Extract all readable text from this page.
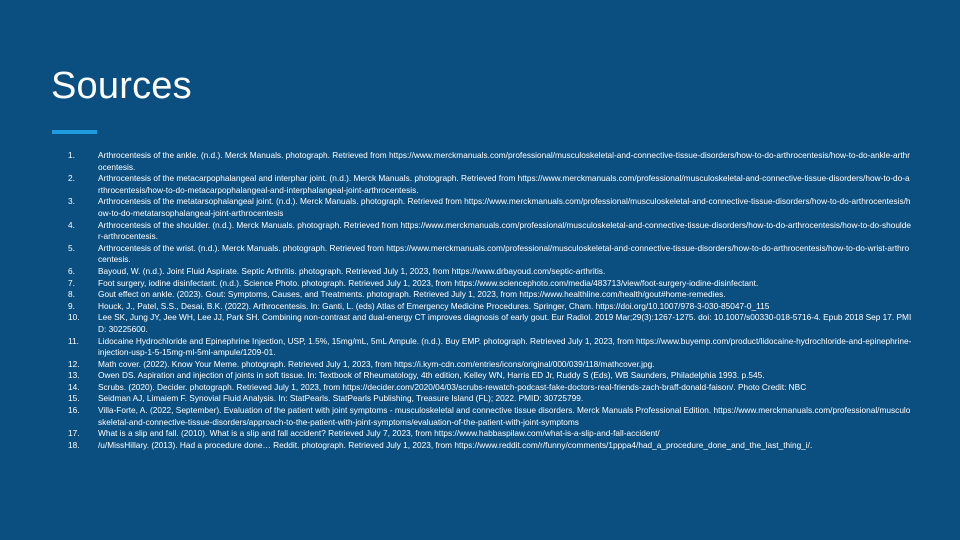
Sources
1.	Arthrocentesis of the ankle. (n.d.). Merck Manuals. photograph. Retrieved from https://www.merckmanuals.com/professional/musculoskeletal-and-connective-tissue-disorders/how-to-do-arthrocentesis/how-to-do-ankle-arthrocentesis.
2.	Arthrocentesis of the metacarpophalangeal and interphar joint. (n.d.). Merck Manuals. photograph. Retrieved from https://www.merckmanuals.com/professional/musculoskeletal-and-connective-tissue-disorders/how-to-do-arthrocentesis/how-to-do-metacarpophalangeal-and-interphalangeal-joint-arthrocentesis.
3.	Arthrocentesis of the metatarsophalangeal joint. (n.d.). Merck Manuals. photograph. Retrieved from https://www.merckmanuals.com/professional/musculoskeletal-and-connective-tissue-disorders/how-to-do-arthrocentesis/how-to-do-metatarsophalangeal-joint-arthrocentesis
4.	Arthrocentesis of the shoulder. (n.d.). Merck Manuals. photograph. Retrieved from https://www.merckmanuals.com/professional/musculoskeletal-and-connective-tissue-disorders/how-to-do-arthrocentesis/how-to-do-shoulder-arthrocentesis.
5.	Arthrocentesis of the wrist. (n.d.). Merck Manuals. photograph. Retrieved from https://www.merckmanuals.com/professional/musculoskeletal-and-connective-tissue-disorders/how-to-do-arthrocentesis/how-to-do-wrist-arthrocentesis.
6.	Bayoud, W. (n.d.). Joint Fluid Aspirate. Septic Arthritis. photograph. Retrieved July 1, 2023, from https://www.drbayoud.com/septic-arthritis.
7.	Foot surgery, iodine disinfectant. (n.d.). Science Photo. photograph. Retrieved July 1, 2023, from https://www.sciencephoto.com/media/483713/view/foot-surgery-iodine-disinfectant.
8.	Gout effect on ankle. (2023). Gout: Symptoms, Causes, and Treatments. photograph. Retrieved July 1, 2023, from https://www.healthline.com/health/gout#home-remedies.
9.	Houck, J., Patel, S.S., Desai, B.K. (2022). Arthrocentesis. In: Ganti, L. (eds) Atlas of Emergency Medicine Procedures. Springer, Cham. https://doi.org/10.1007/978-3-030-85047-0_115
10.	Lee SK, Jung JY, Jee WH, Lee JJ, Park SH. Combining non-contrast and dual-energy CT improves diagnosis of early gout. Eur Radiol. 2019 Mar;29(3):1267-1275. doi: 10.1007/s00330-018-5716-4. Epub 2018 Sep 17. PMID: 30225600.
11.	Lidocaine Hydrochloride and Epinephrine Injection, USP, 1.5%, 15mg/mL, 5mL Ampule. (n.d.). Buy EMP. photograph. Retrieved July 1, 2023, from https://www.buyemp.com/product/lidocaine-hydrochloride-and-epinephrine-injection-usp-1-5-15mg-ml-5ml-ampule/1209-01.
12.	Math cover. (2022). Know Your Meme. photograph. Retrieved July 1, 2023, from https://i.kym-cdn.com/entries/icons/original/000/039/118/mathcover.jpg.
13.	Owen DS. Aspiration and injection of joints in soft tissue. In: Textbook of Rheumatology, 4th edition, Kelley WN, Harris ED Jr, Ruddy S (Eds), WB Saunders, Philadelphia 1993. p.545.
14.	Scrubs. (2020). Decider. photograph. Retrieved July 1, 2023, from https://decider.com/2020/04/03/scrubs-rewatch-podcast-fake-doctors-real-friends-zach-braff-donald-faison/. Photo Credit: NBC
15.	Seidman AJ, Limaiem F. Synovial Fluid Analysis. In: StatPearls. StatPearls Publishing, Treasure Island (FL); 2022. PMID: 30725799.
16.	Villa-Forte, A. (2022, September). Evaluation of the patient with joint symptoms - musculoskeletal and connective tissue disorders. Merck Manuals Professional Edition. https://www.merckmanuals.com/professional/musculoskeletal-and-connective-tissue-disorders/approach-to-the-patient-with-joint-symptoms/evaluation-of-the-patient-with-joint-symptoms
17.	What is a slip and fall. (2010). What is a slip and fall accident? Retrieved July 7, 2023, from https://www.habbaspilaw.com/what-is-a-slip-and-fall-accident/
18.	/u/MissHillary. (2013). Had a procedure done… Reddit. photograph. Retrieved July 1, 2023, from https://www.reddit.com/r/funny/comments/1pppa4/had_a_procedure_done_and_the_last_thing_i/.
